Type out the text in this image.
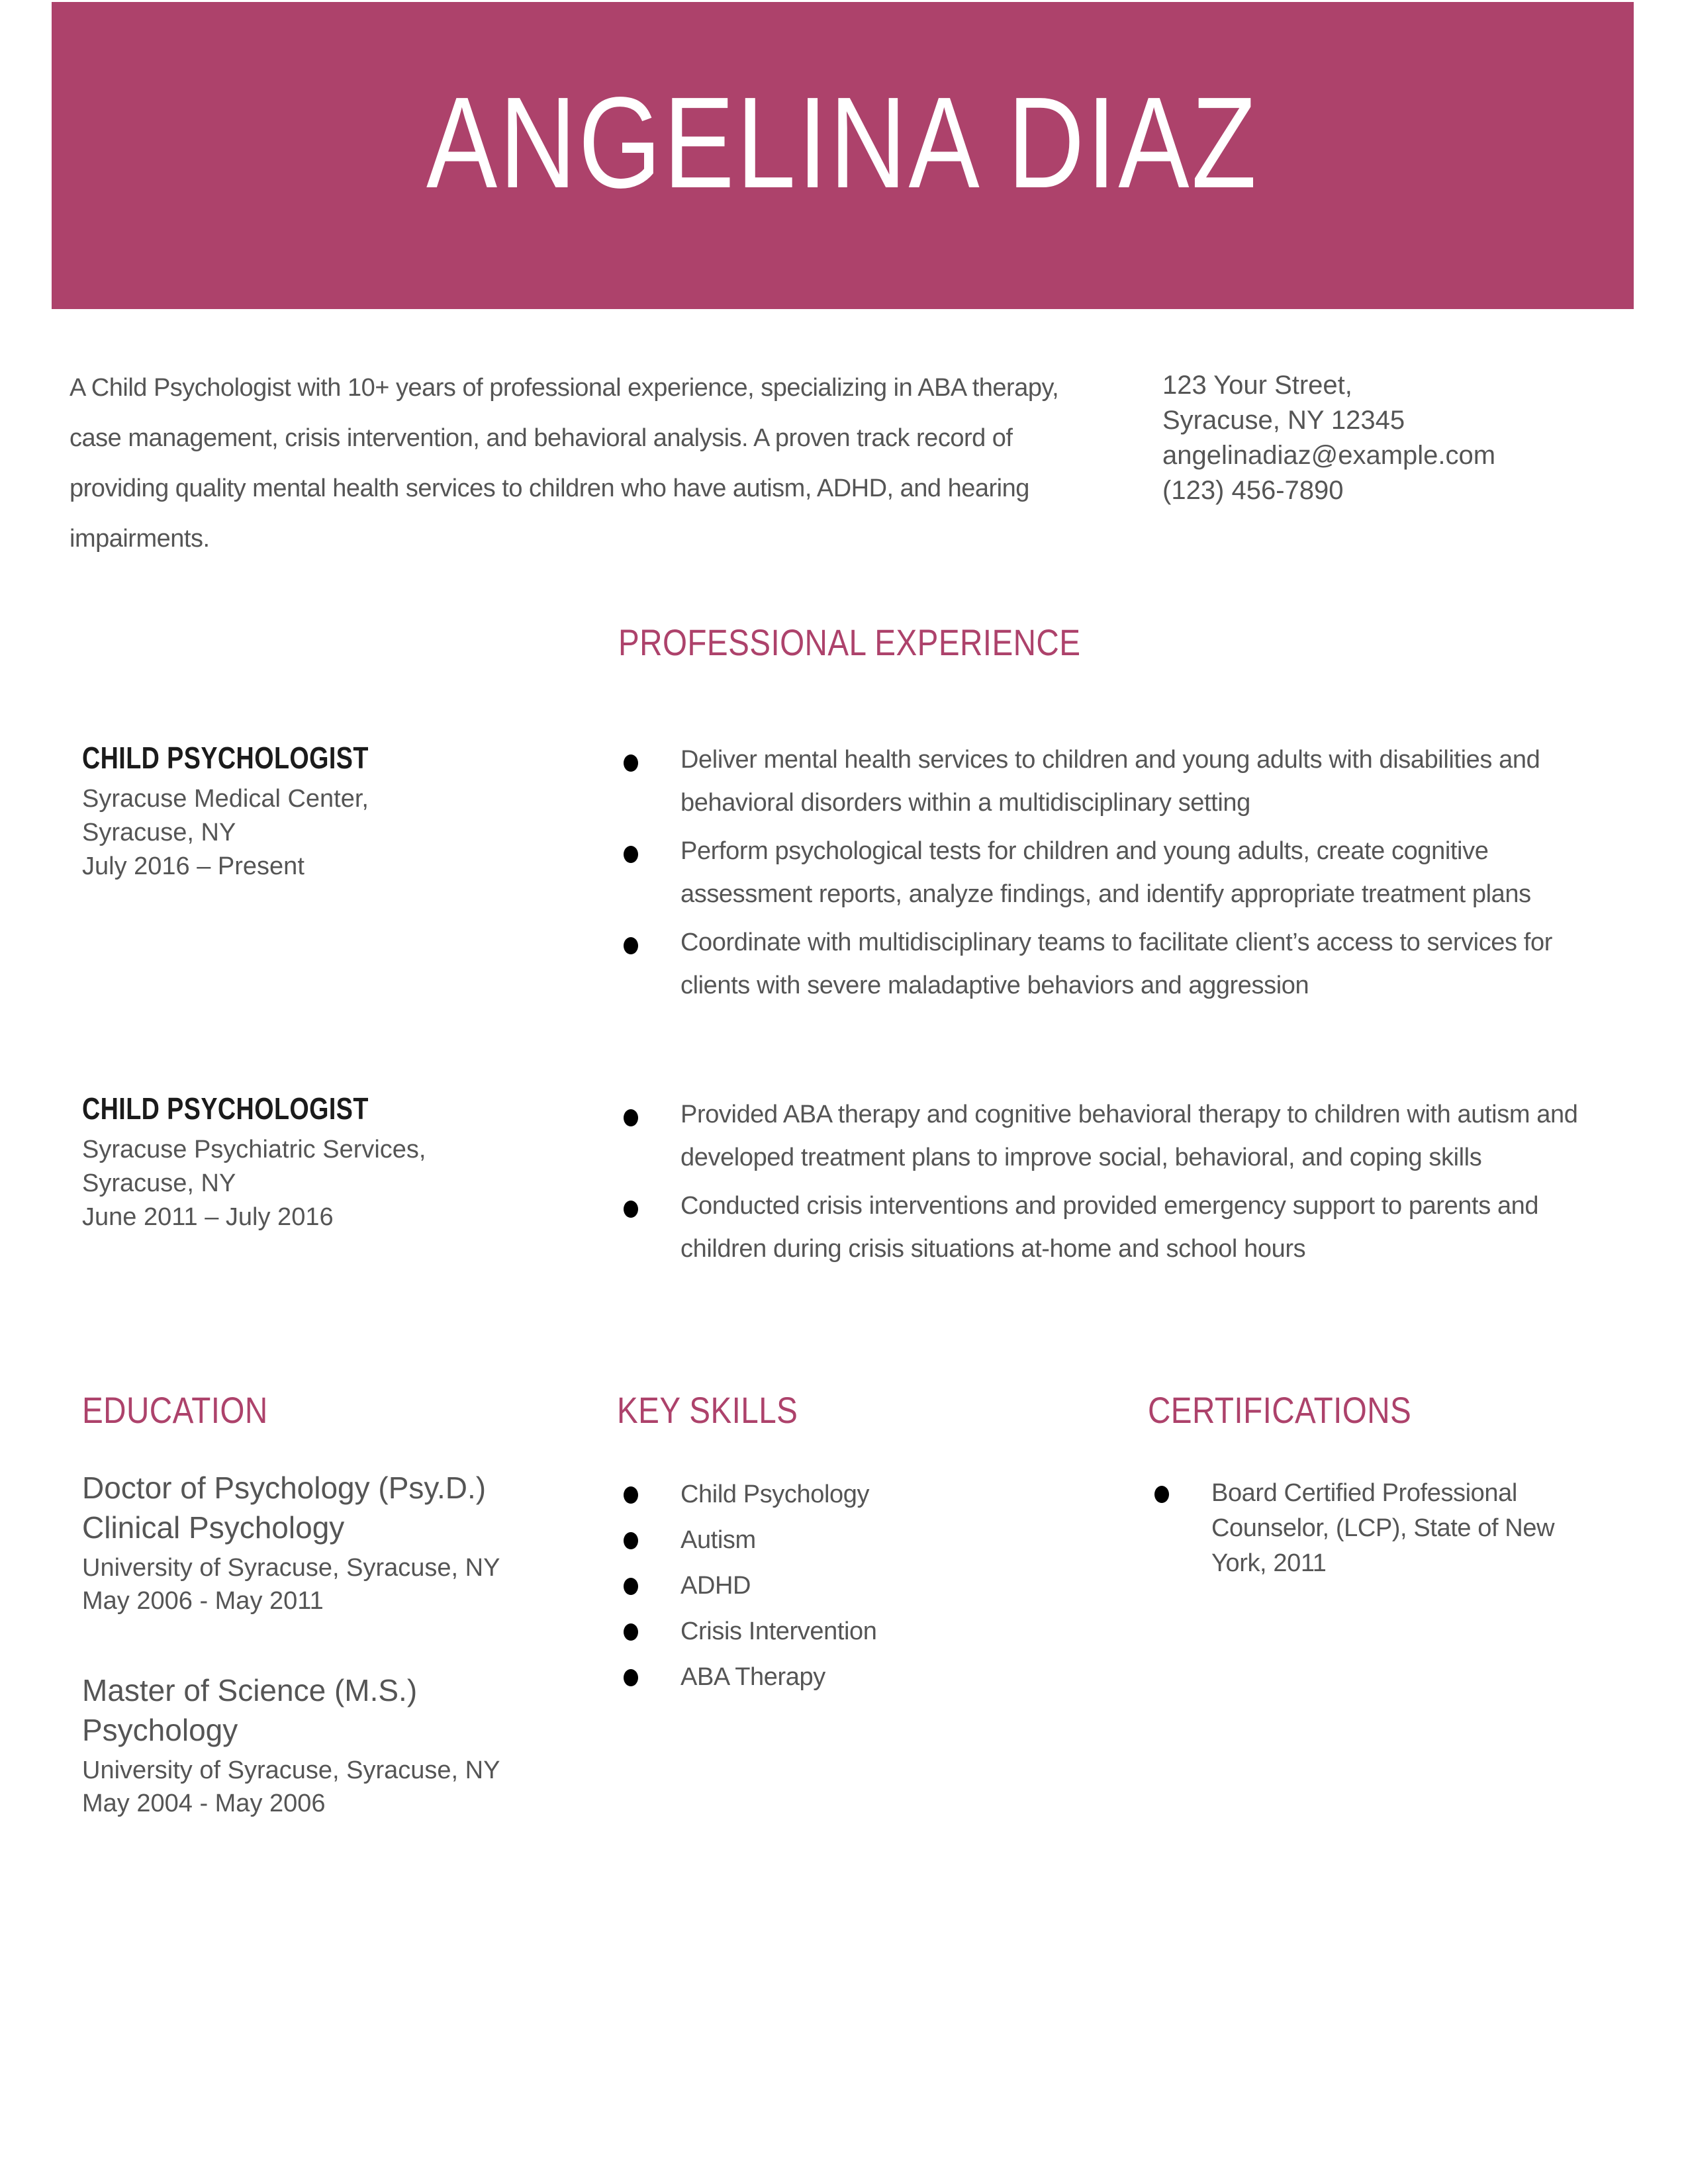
ANGELINA DIAZ
A Child Psychologist with 10+ years of professional experience, specializing in ABA therapy,
case management, crisis intervention, and behavioral analysis. A proven track record of
providing quality mental health services to children who have autism, ADHD, and hearing
impairments.
123 Your Street,
Syracuse, NY 12345
angelinadiaz@example.com
(123) 456-7890
PROFESSIONAL EXPERIENCE
CHILD PSYCHOLOGIST
Syracuse Medical Center,
Syracuse, NY
July 2016 – Present
Deliver mental health services to children and young adults with disabilities and behavioral disorders within a multidisciplinary setting
Perform psychological tests for children and young adults, create cognitive assessment reports, analyze findings, and identify appropriate treatment plans
Coordinate with multidisciplinary teams to facilitate client’s access to services for clients with severe maladaptive behaviors and aggression
CHILD PSYCHOLOGIST
Syracuse Psychiatric Services,
Syracuse, NY
June 2011 – July 2016
Provided ABA therapy and cognitive behavioral therapy to children with autism and developed treatment plans to improve social, behavioral, and coping skills
Conducted crisis interventions and provided emergency support to parents and children during crisis situations at-home and school hours
EDUCATION
Doctor of Psychology (Psy.D.)
Clinical Psychology
University of Syracuse, Syracuse, NY
May 2006 - May 2011
Master of Science (M.S.)
Psychology
University of Syracuse, Syracuse, NY
May 2004 - May 2006
KEY SKILLS
Child Psychology
Autism
ADHD
Crisis Intervention
ABA Therapy
CERTIFICATIONS
Board Certified Professional Counselor, (LCP), State of New York, 2011
